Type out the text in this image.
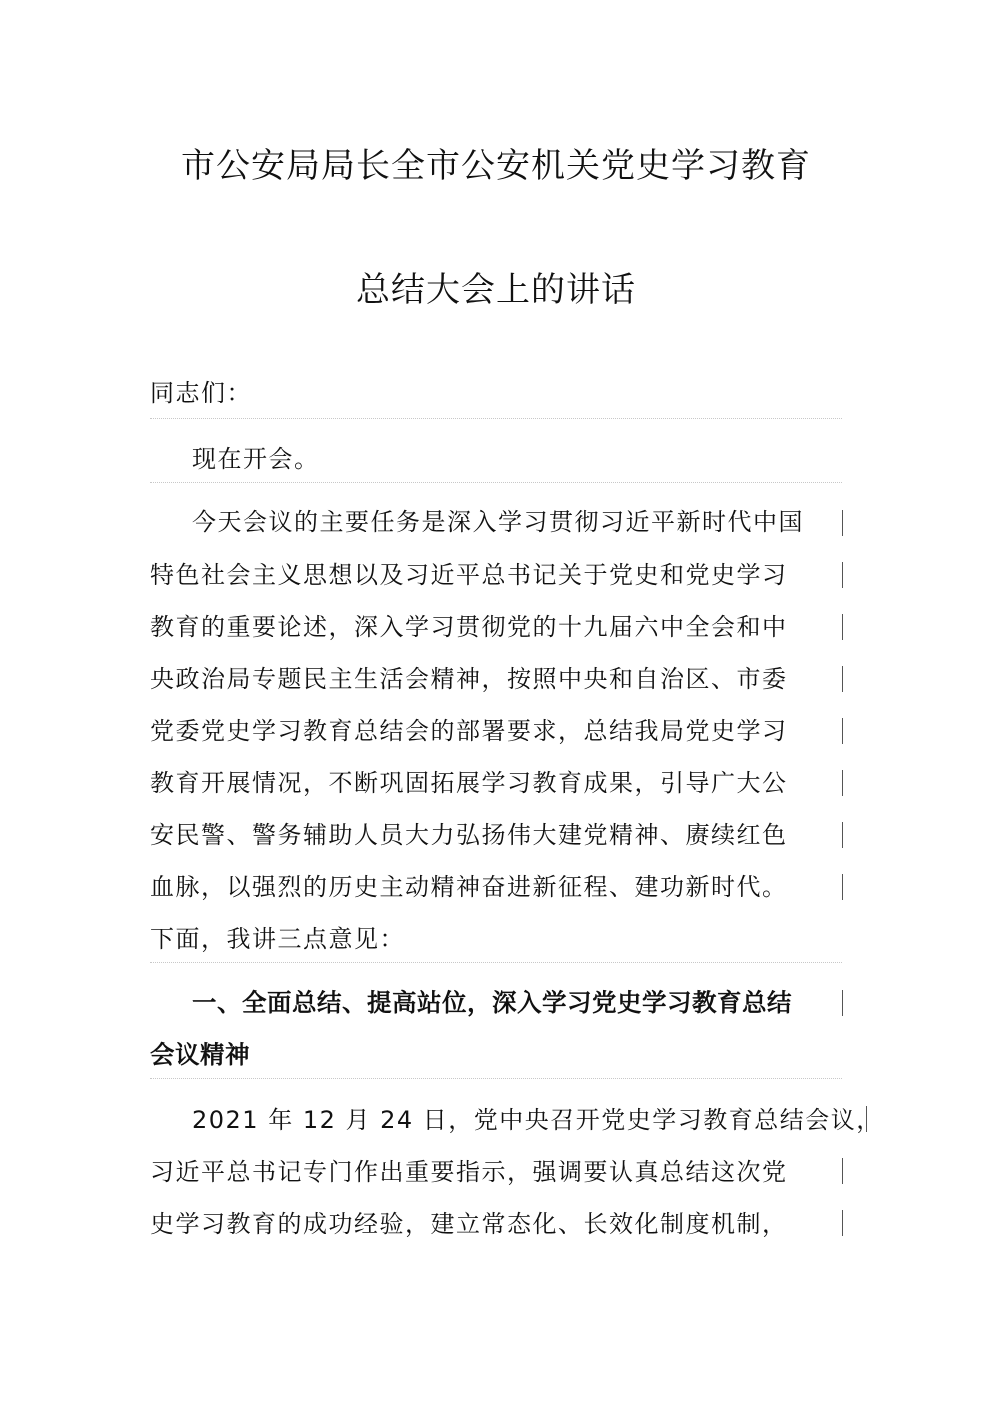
市公安局局长全市公安机关党史学习教育
总结大会上的讲话
同志们：
现在开会。
今天会议的主要任务是深入学习贯彻习近平新时代中国
特色社会主义思想以及习近平总书记关于党史和党史学习
教育的重要论述，深入学习贯彻党的十九届六中全会和中
央政治局专题民主生活会精神，按照中央和自治区、市委
党委党史学习教育总结会的部署要求，总结我局党史学习
教育开展情况，不断巩固拓展学习教育成果，引导广大公
安民警、警务辅助人员大力弘扬伟大建党精神、赓续红色
血脉，以强烈的历史主动精神奋进新征程、建功新时代。
下面，我讲三点意见：
一、全面总结、提高站位，深入学习党史学习教育总结
会议精神
2021 年 12 月 24 日，党中央召开党史学习教育总结会议，
习近平总书记专门作出重要指示，强调要认真总结这次党
史学习教育的成功经验，建立常态化、长效化制度机制，
